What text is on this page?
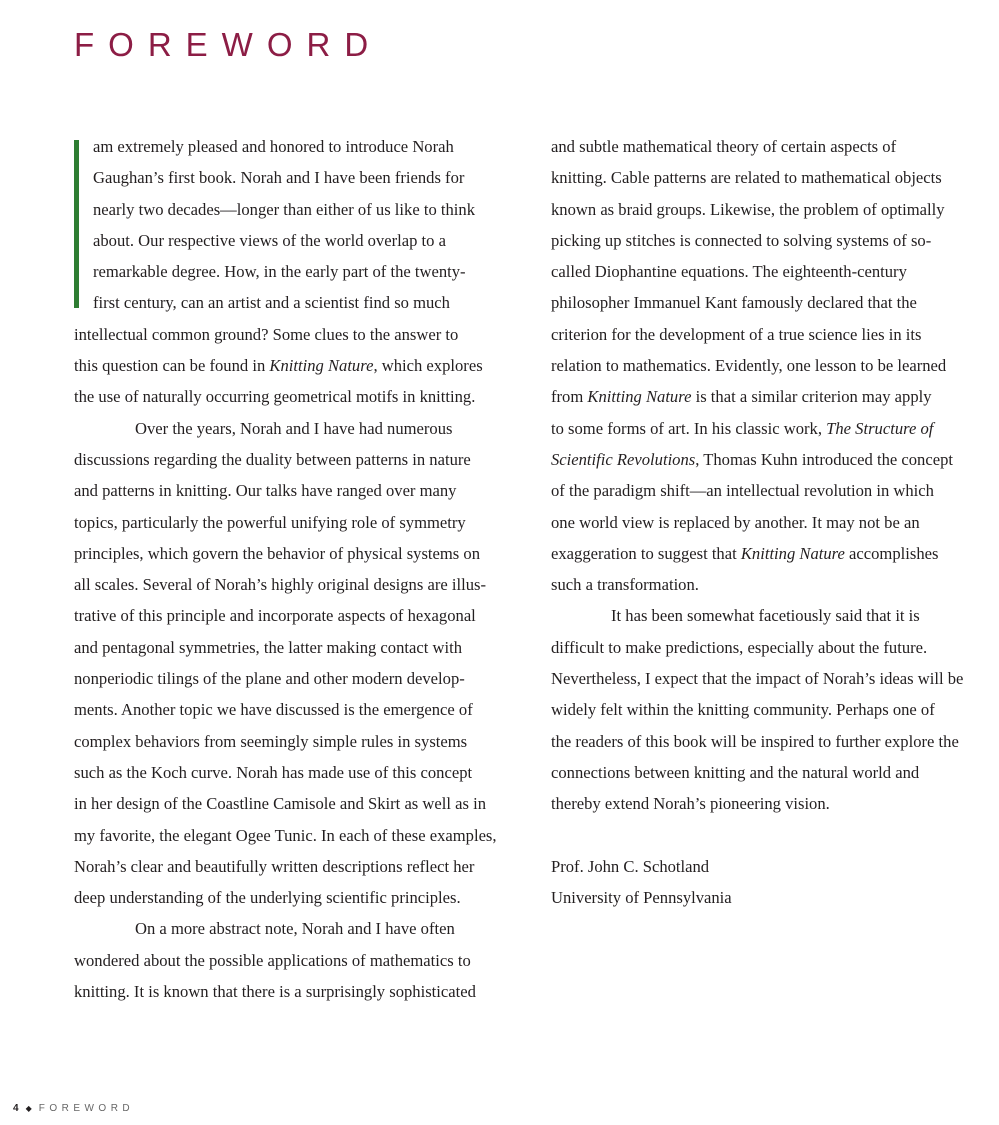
FOREWORD
am extremely pleased and honored to introduce Norah
Gaughan’s first book. Norah and I have been friends for
nearly two decades—longer than either of us like to think
about. Our respective views of the world overlap to a
remarkable degree. How, in the early part of the twenty-
first century, can an artist and a scientist find so much
intellectual common ground? Some clues to the answer to
this question can be found in Knitting Nature, which explores
the use of naturally occurring geometrical motifs in knitting.
Over the years, Norah and I have had numerous
discussions regarding the duality between patterns in nature
and patterns in knitting. Our talks have ranged over many
topics, particularly the powerful unifying role of symmetry
principles, which govern the behavior of physical systems on
all scales. Several of Norah’s highly original designs are illus-
trative of this principle and incorporate aspects of hexagonal
and pentagonal symmetries, the latter making contact with
nonperiodic tilings of the plane and other modern develop-
ments. Another topic we have discussed is the emergence of
complex behaviors from seemingly simple rules in systems
such as the Koch curve. Norah has made use of this concept
in her design of the Coastline Camisole and Skirt as well as in
my favorite, the elegant Ogee Tunic. In each of these examples,
Norah’s clear and beautifully written descriptions reflect her
deep understanding of the underlying scientific principles.
On a more abstract note, Norah and I have often
wondered about the possible applications of mathematics to
knitting. It is known that there is a surprisingly sophisticated
and subtle mathematical theory of certain aspects of
knitting. Cable patterns are related to mathematical objects
known as braid groups. Likewise, the problem of optimally
picking up stitches is connected to solving systems of so-
called Diophantine equations. The eighteenth-century
philosopher Immanuel Kant famously declared that the
criterion for the development of a true science lies in its
relation to mathematics. Evidently, one lesson to be learned
from Knitting Nature is that a similar criterion may apply
to some forms of art. In his classic work, The Structure of
Scientific Revolutions, Thomas Kuhn introduced the concept
of the paradigm shift—an intellectual revolution in which
one world view is replaced by another. It may not be an
exaggeration to suggest that Knitting Nature accomplishes
such a transformation.
It has been somewhat facetiously said that it is
difficult to make predictions, especially about the future.
Nevertheless, I expect that the impact of Norah’s ideas will be
widely felt within the knitting community. Perhaps one of
the readers of this book will be inspired to further explore the
connections between knitting and the natural world and
thereby extend Norah’s pioneering vision.
Prof. John C. Schotland
University of Pennsylvania
4 ◆ FOREWORD
